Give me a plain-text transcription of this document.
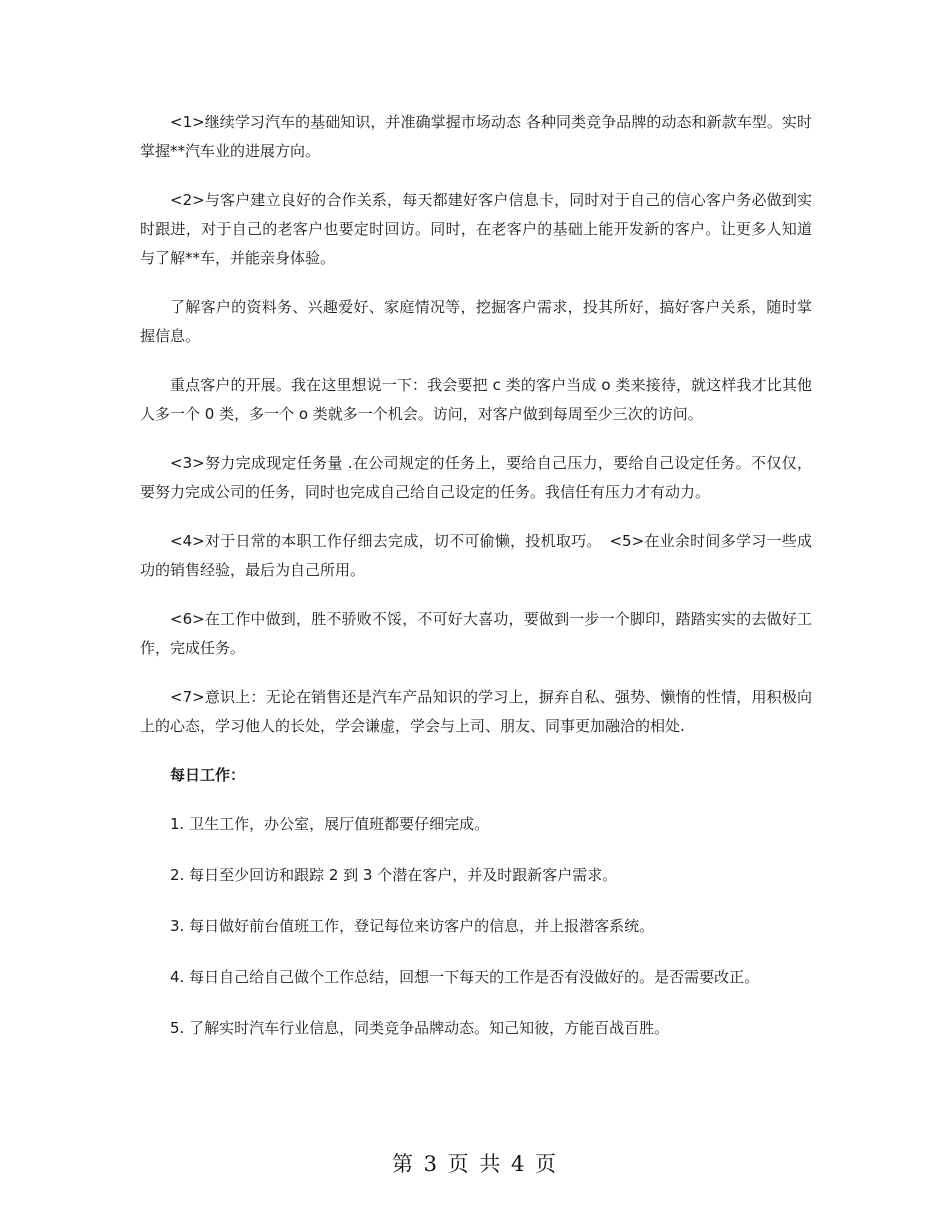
<1>继续学习汽车的基础知识，并准确掌握市场动态 各种同类竞争品牌的动态和新款车型。实时掌握**汽车业的进展方向。

<2>与客户建立良好的合作关系，每天都建好客户信息卡，同时对于自己的信心客户务必做到实时跟进，对于自己的老客户也要定时回访。同时，在老客户的基础上能开发新的客户。让更多人知道与了解**车，并能亲身体验。

了解客户的资料务、兴趣爱好、家庭情况等，挖掘客户需求，投其所好，搞好客户关系，随时掌握信息。

重点客户的开展。我在这里想说一下：我会要把 c 类的客户当成 o 类来接待，就这样我才比其他人多一个 0 类，多一个 o 类就多一个机会。访问，对客户做到每周至少三次的访问。

<3>努力完成现定任务量 .在公司规定的任务上，要给自己压力，要给自己设定任务。不仅仅，要努力完成公司的任务，同时也完成自己给自己设定的任务。我信任有压力才有动力。

<4>对于日常的本职工作仔细去完成，切不可偷懒，投机取巧。　<5>在业余时间多学习一些成功的销售经验，最后为自己所用。

<6>在工作中做到，胜不骄败不馁，不可好大喜功，要做到一步一个脚印，踏踏实实的去做好工作，完成任务。

<7>意识上：无论在销售还是汽车产品知识的学习上，摒弃自私、强势、懒惰的性情，用积极向上的心态，学习他人的长处，学会谦虚，学会与上司、朋友、同事更加融洽的相处.

每日工作：

1. 卫生工作，办公室，展厅值班都要仔细完成。

2. 每日至少回访和跟踪 2 到 3 个潜在客户，并及时跟新客户需求。

3. 每日做好前台值班工作，登记每位来访客户的信息，并上报潜客系统。

4. 每日自己给自己做个工作总结，回想一下每天的工作是否有没做好的。是否需要改正。

5. 了解实时汽车行业信息，同类竞争品牌动态。知己知彼，方能百战百胜。

第 3 页 共 4 页
